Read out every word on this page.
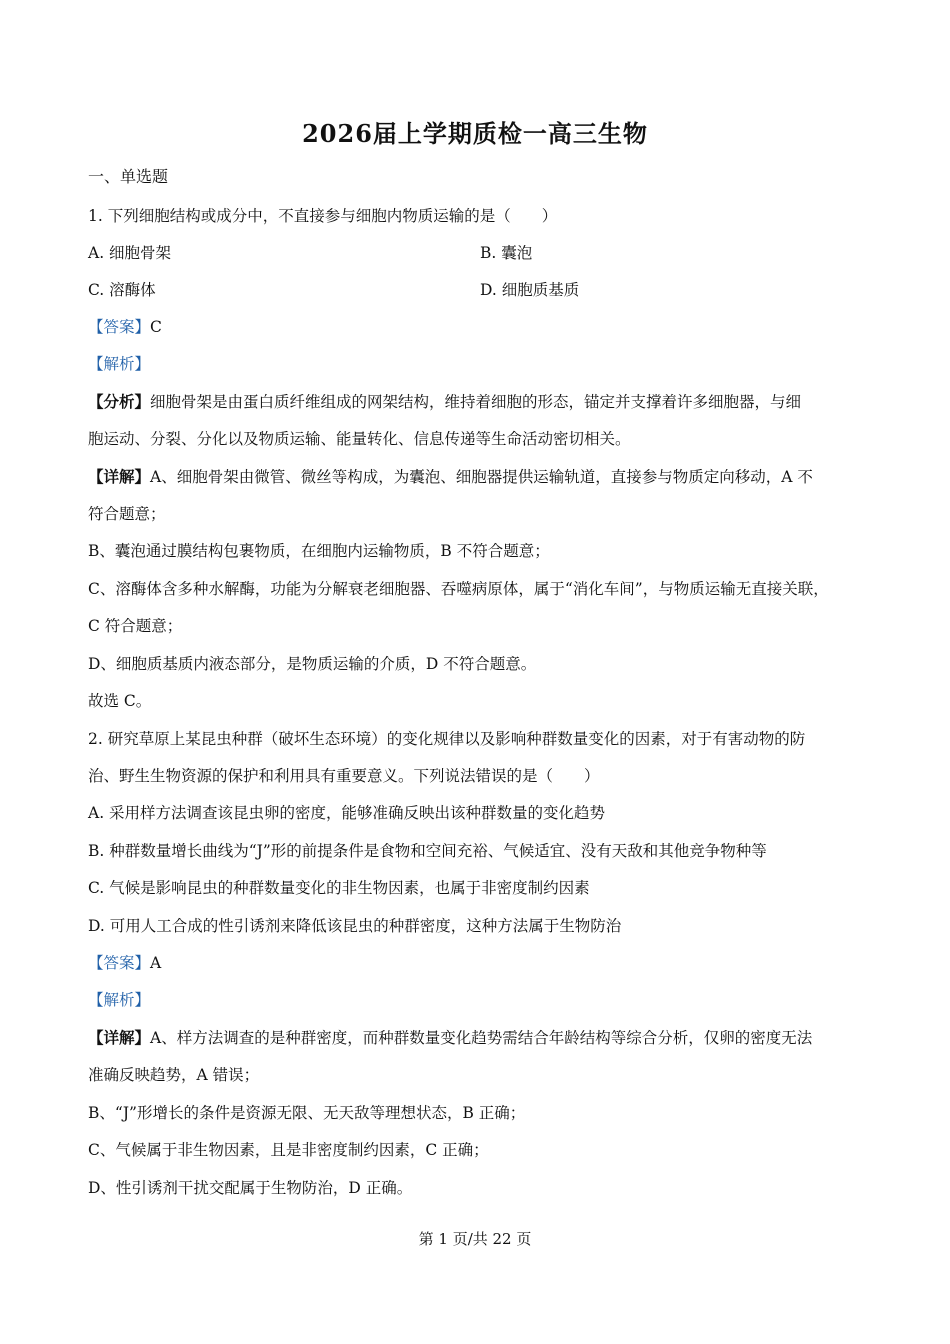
2026届上学期质检一高三生物
一、单选题
1. 下列细胞结构或成分中，不直接参与细胞内物质运输的是（　　）
A. 细胞骨架	B. 囊泡
C. 溶酶体	D. 细胞质基质
【答案】C
【解析】
【分析】细胞骨架是由蛋白质纤维组成的网架结构，维持着细胞的形态，锚定并支撑着许多细胞器，与细
胞运动、分裂、分化以及物质运输、能量转化、信息传递等生命活动密切相关。
【详解】A、细胞骨架由微管、微丝等构成，为囊泡、细胞器提供运输轨道，直接参与物质定向移动，A 不
符合题意；
B、囊泡通过膜结构包裹物质，在细胞内运输物质，B 不符合题意；
C、溶酶体含多种水解酶，功能为分解衰老细胞器、吞噬病原体，属于“消化车间”，与物质运输无直接关联，
C 符合题意；
D、细胞质基质内液态部分，是物质运输的介质，D 不符合题意。
故选 C。
2. 研究草原上某昆虫种群（破坏生态环境）的变化规律以及影响种群数量变化的因素，对于有害动物的防
治、野生生物资源的保护和利用具有重要意义。下列说法错误的是（　　）
A. 采用样方法调查该昆虫卵的密度，能够准确反映出该种群数量的变化趋势
B. 种群数量增长曲线为“J”形的前提条件是食物和空间充裕、气候适宜、没有天敌和其他竞争物种等
C. 气候是影响昆虫的种群数量变化的非生物因素，也属于非密度制约因素
D. 可用人工合成的性引诱剂来降低该昆虫的种群密度，这种方法属于生物防治
【答案】A
【解析】
【详解】A、样方法调查的是种群密度，而种群数量变化趋势需结合年龄结构等综合分析，仅卵的密度无法
准确反映趋势，A 错误；
B、“J”形增长的条件是资源无限、无天敌等理想状态，B 正确；
C、气候属于非生物因素，且是非密度制约因素，C 正确；
D、性引诱剂干扰交配属于生物防治，D 正确。
第 1 页/共 22 页
